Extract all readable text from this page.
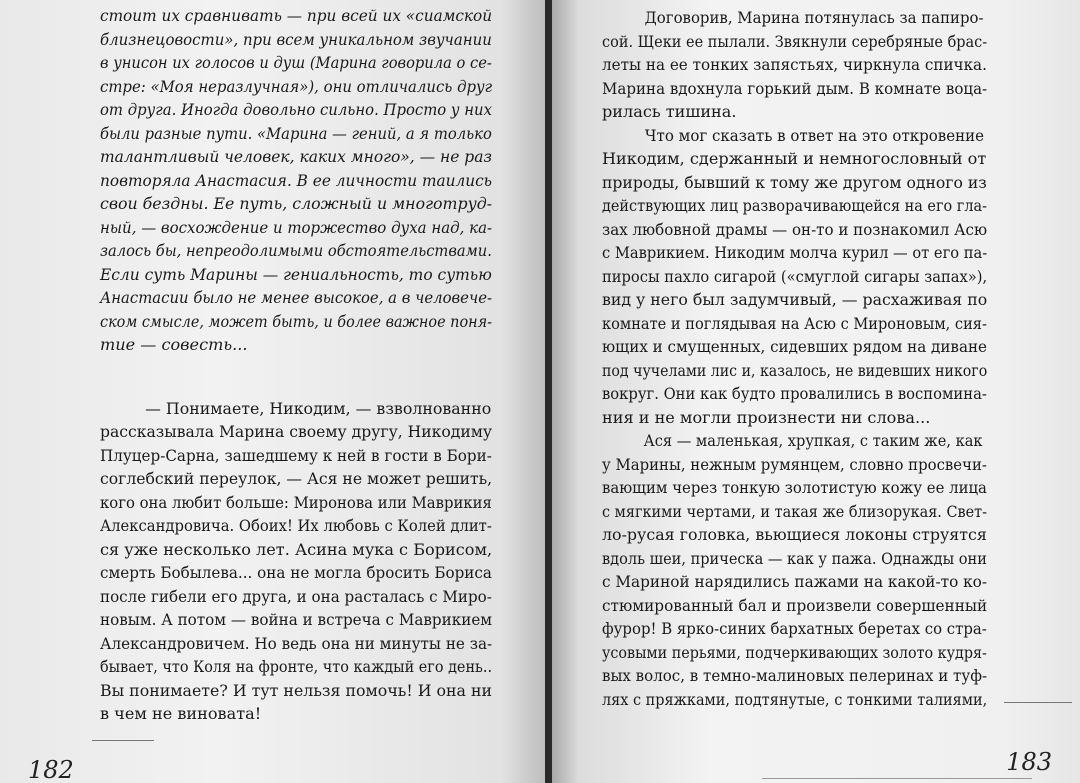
стоит их сравнивать — при всей их «сиамской
близнецовости», при всем уникальном звучании
в унисон их голосов и душ (Марина говорила о се-
стре: «Моя неразлучная»), они отличались друг
от друга. Иногда довольно сильно. Просто у них
были разные пути. «Марина — гений, а я только
талантливый человек, каких много», — не раз
повторяла Анастасия. В ее личности таились
свои бездны. Ее путь, сложный и многотруд-
ный, — восхождение и торжество духа над, ка-
залось бы, непреодолимыми обстоятельствами.
Если суть Марины — гениальность, то сутью
Анастасии было не менее высокое, а в человече-
ском смысле, может быть, и более важное поня-
тие — совесть...
— Понимаете, Никодим, — взволнованно
рассказывала Марина своему другу, Никодиму
Плуцер-Сарна, зашедшему к ней в гости в Бори-
соглебский переулок, — Ася не может решить,
кого она любит больше: Миронова или Маврикия
Александровича. Обоих! Их любовь с Колей длит-
ся уже несколько лет. Асина мука с Борисом,
смерть Бобылева... она не могла бросить Бориса
после гибели его друга, и она расталась с Миро-
новым. А потом — война и встреча с Маврикием
Александровичем. Но ведь она ни минуты не за-
бывает, что Коля на фронте, что каждый его день..
Вы понимаете? И тут нельзя помочь! И она ни
в чем не виновата!
182
Договорив, Марина потянулась за папиро-
сой. Щеки ее пылали. Звякнули серебряные брас-
леты на ее тонких запястьях, чиркнула спичка.
Марина вдохнула горький дым. В комнате воца-
рилась тишина.
Что мог сказать в ответ на это откровение
Никодим, сдержанный и немногословный от
природы, бывший к тому же другом одного из
действующих лиц разворачивающейся на его гла-
зах любовной драмы — он-то и познакомил Асю
с Маврикием. Никодим молча курил — от его па-
пиросы пахло сигарой («смуглой сигары запах»),
вид у него был задумчивый, — расхаживая по
комнате и поглядывая на Асю с Мироновым, сия-
ющих и смущенных, сидевших рядом на диване
под чучелами лис и, казалось, не видевших никого
вокруг. Они как будто провалились в воспомина-
ния и не могли произнести ни слова...
Ася — маленькая, хрупкая, с таким же, как
у Марины, нежным румянцем, словно просвечи-
вающим через тонкую золотистую кожу ее лица
с мягкими чертами, и такая же близорукая. Свет-
ло-русая головка, вьющиеся локоны струятся
вдоль шеи, прическа — как у пажа. Однажды они
с Мариной нарядились пажами на какой-то ко-
стюмированный бал и произвели совершенный
фурор! В ярко-синих бархатных беретах со стра-
усовыми перьями, подчеркивающих золото кудря-
вых волос, в темно-малиновых пелеринах и туф-
лях с пряжками, подтянутые, с тонкими талиями,
183
